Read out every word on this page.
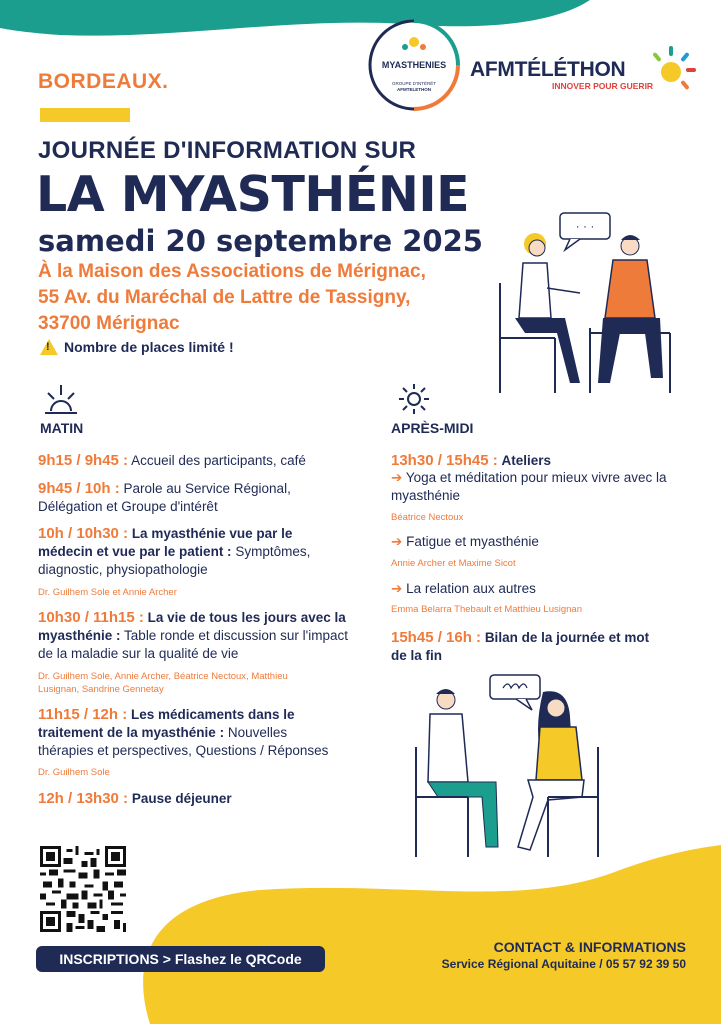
BORDEAUX.
JOURNÉE D'INFORMATION SUR
LA MYASTHÉNIE
samedi 20 septembre 2025
À la Maison des Associations de Mérignac,
55 Av. du Maréchal de Lattre de Tassigny,
33700 Mérignac
!
Nombre de places limité !
MYASTHENIES
GROUPE D'INTÉRÊT
AFMTELETHON
AFMTÉLÉTHON
INNOVER POUR GUERIR
· · ·
MATIN
9h15 / 9h45 : Accueil des participants, café
9h45 / 10h : Parole au Service Régional, Délégation et Groupe d'intérêt
10h / 10h30 : La myasthénie vue par le médecin et vue par le patient : Symptômes, diagnostic, physiopathologie
Dr. Guilhem Sole et Annie Archer
10h30 / 11h15 : La vie de tous les jours avec la myasthénie : Table ronde et discussion sur l'impact de la maladie sur la qualité de vie
Dr. Guilhem Sole, Annie Archer, Béatrice Nectoux, Matthieu Lusignan, Sandrine Gennetay
11h15 / 12h : Les médicaments dans le traitement de la myasthénie : Nouvelles thérapies et perspectives, Questions / Réponses
Dr. Guilhem Sole
12h / 13h30 : Pause déjeuner
APRÈS-MIDI
13h30 / 15h45 : Ateliers
➔ Yoga et méditation pour mieux vivre avec la myasthénie
Béatrice Nectoux
➔ Fatigue et myasthénie
Annie Archer et Maxime Sicot
➔ La relation aux autres
Emma Belarra Thebault et Matthieu Lusignan
15h45 / 16h : Bilan de la journée et mot de la fin
INSCRIPTIONS > Flashez le QRCode
CONTACT & INFORMATIONS
Service Régional Aquitaine / 05 57 92 39 50
